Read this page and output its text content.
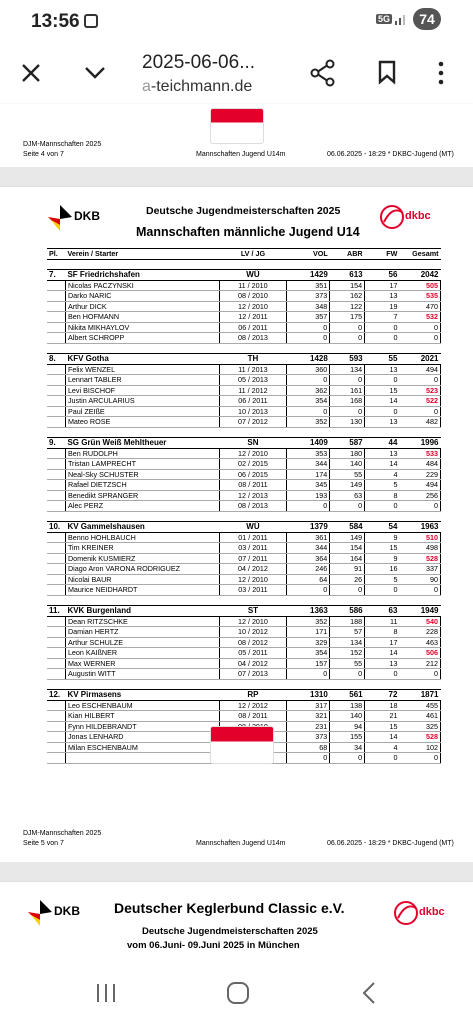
13:56	5G	74
2025-06-06...
a-teichmann.de
DJM-Mannschaften 2025
Seite 4 von 7	Mannschaften Jugend U14m	06.06.2025 - 18:29 * DKBC-Jugend (MT)
DKB	Deutsche Jugendmeisterschaften 2025
Mannschaften männliche Jugend U14
dkbc
Pl.	Verein / Starter	LV / JG	VOL	ABR	FW	Gesamt

7.	SF Friedrichshafen	WÜ	1429	613	56	2042
	Nicolas PACZYNSKI	11 / 2010	351	154	17	505
	Darko NARIC	08 / 2010	373	162	13	535
	Arthur DICK	12 / 2010	348	122	19	470
	Ben HOFMANN	12 / 2011	357	175	7	532
	Nikita MIKHAYLOV	06 / 2011	0	0	0	0
	Albert SCHROPP	08 / 2013	0	0	0	0

8.	KFV Gotha	TH	1428	593	55	2021
	Felix WENZEL	11 / 2013	360	134	13	494
	Lennart TABLER	05 / 2013	0	0	0	0
	Levi BISCHOF	11 / 2012	362	161	15	523
	Justin ARCULARIUS	06 / 2011	354	168	14	522
	Paul ZEIßE	10 / 2013	0	0	0	0
	Mateo ROSE	07 / 2012	352	130	13	482

9.	SG Grün Weiß Mehltheuer	SN	1409	587	44	1996
	Ben RUDOLPH	12 / 2010	353	180	13	533
	Tristan LAMPRECHT	02 / 2015	344	140	14	484
	Neal-Sky SCHUSTER	06 / 2015	174	55	4	229
	Rafael DIETZSCH	08 / 2011	345	149	5	494
	Benedikt SPRANGER	12 / 2013	193	63	8	256
	Alec PERZ	08 / 2013	0	0	0	0

10.	KV Gammelshausen	WÜ	1379	584	54	1963
	Benno HOHLBAUCH	01 / 2011	361	149	9	510
	Tim KREINER	03 / 2011	344	154	15	498
	Domenik KUSMIERZ	07 / 2011	364	164	9	528
	Diago Aron VARONA RODRIGUEZ	04 / 2012	246	91	16	337
	Nicolai BAUR	12 / 2010	64	26	5	90
	Maurice NEIDHARDT	03 / 2011	0	0	0	0

11.	KVK Burgenland	ST	1363	586	63	1949
	Dean RITZSCHKE	12 / 2010	352	188	11	540
	Damian HERTZ	10 / 2012	171	57	8	228
	Arthur SCHULZE	08 / 2012	329	134	17	463
	Leon KAIßNER	05 / 2011	354	152	14	506
	Max WERNER	04 / 2012	157	55	13	212
	Augustin WITT	07 / 2013	0	0	0	0

12.	KV Pirmasens	RP	1310	561	72	1871
	Leo ESCHENBAUM	12 / 2012	317	138	18	455
	Kian HILBERT	08 / 2011	321	140	21	461
	Fynn HILDEBRANDT		231	94	15	325
	Jonas LENHARD		373	155	14	528
	Milan ESCHENBAUM		68	34	4	102
			0	0	0	0

DJM-Mannschaften 2025
Seite 5 von 7	Mannschaften Jugend U14m	06.06.2025 - 18:29 * DKBC-Jugend (MT)
DKB Deutscher Keglerbund Classic e.V.
Deutsche Jugendmeisterschaften 2025
vom 06.Juni- 09.Juni 2025 in München
dkbc
